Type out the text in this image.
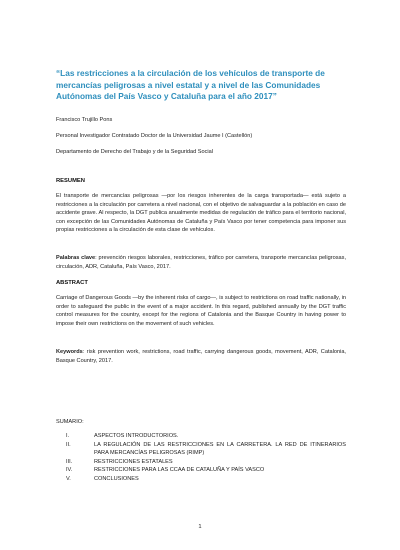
“Las restricciones a la circulación de los vehículos de transporte de mercancías peligrosas a nivel estatal y a nivel de las Comunidades Autónomas del País Vasco y Cataluña para el año 2017”
Francisco Trujillo Pons
Personal Investigador Contratado Doctor de la Universidad Jaume I (Castellón)
Departamento de Derecho del Trabajo y de la Seguridad Social
RESUMEN
El transporte de mercancías peligrosas —por los riesgos inherentes de la carga transportada— está sujeto a restricciones a la circulación por carretera a nivel nacional, con el objetivo de salvaguardar a la población en caso de accidente grave. Al respecto, la DGT publica anualmente medidas de regulación de tráfico para el territorio nacional, con excepción de las Comunidades Autónomas de Cataluña y País Vasco por tener competencia para imponer sus propias restricciones a la circulación de esta clase de vehículos.
Palabras clave: prevención riesgos laborales, restricciones, tráfico por carretera, transporte mercancías peligrosas, circulación, ADR, Cataluña, País Vasco, 2017.
ABSTRACT
Carriage of Dangerous Goods —by the inherent risks of cargo—, is subject to restrictions on road traffic nationally, in order to safeguard the public in the event of a major accident. In this regard, published annually by the DGT traffic control measures for the country, except for the regions of Catalonia and the Basque Country in having power to impose their own restrictions on the movement of such vehicles.
Keywords: risk prevention work, restrictions, road traffic, carrying dangerous goods, movement, ADR, Catalonia, Basque Country, 2017.
SUMARIO:
I.	ASPECTOS INTRODUCTORIOS.
II.	LA REGULACIÓN DE LAS RESTRICCIONES EN LA CARRETERA. LA RED DE ITINERARIOS PARA MERCANCÍAS PELIGROSAS (RIMP)
III.	RESTRICCIONES ESTATALES
IV.	RESTRICCIONES PARA LAS CCAA DE CATALUÑA Y PAÍS VASCO
V.	CONCLUSIONES
1
